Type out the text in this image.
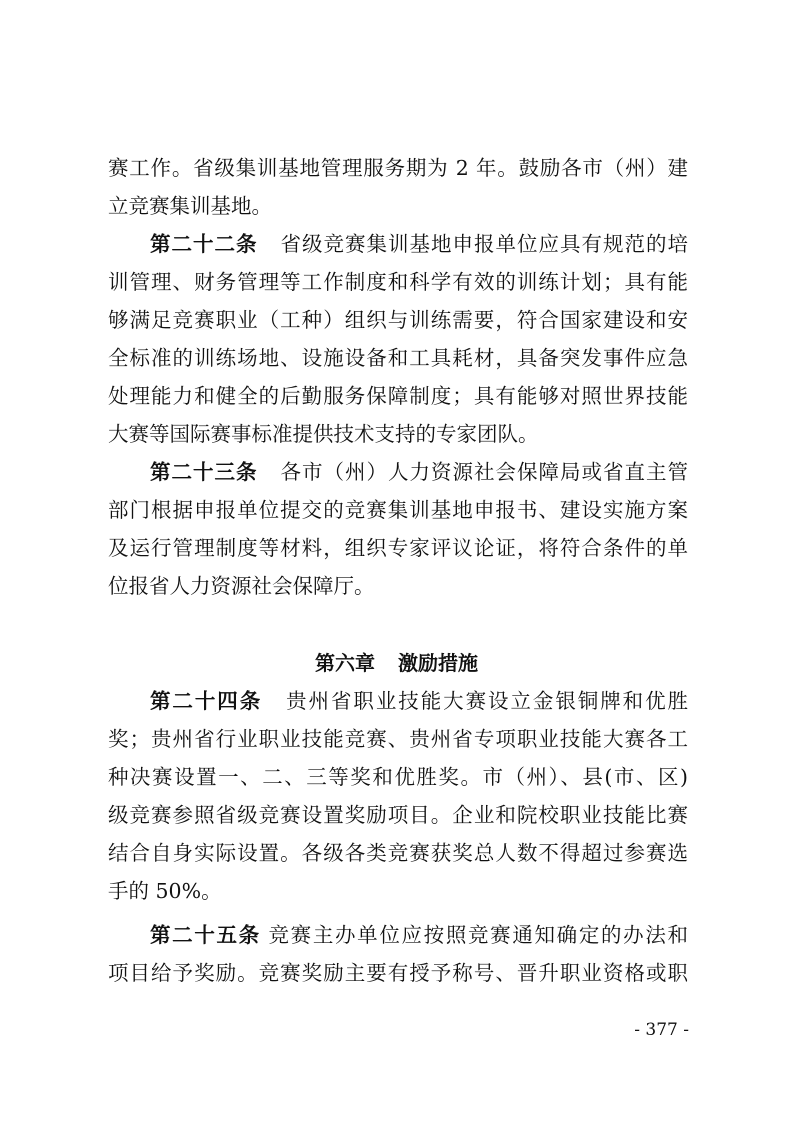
赛工作。省级集训基地管理服务期为 2 年。鼓励各市（州）建
立竞赛集训基地。
第二十二条 省级竞赛集训基地申报单位应具有规范的培
训管理、财务管理等工作制度和科学有效的训练计划；具有能
够满足竞赛职业（工种）组织与训练需要，符合国家建设和安
全标准的训练场地、设施设备和工具耗材，具备突发事件应急
处理能力和健全的后勤服务保障制度；具有能够对照世界技能
大赛等国际赛事标准提供技术支持的专家团队。
第二十三条 各市（州）人力资源社会保障局或省直主管
部门根据申报单位提交的竞赛集训基地申报书、建设实施方案
及运行管理制度等材料，组织专家评议论证，将符合条件的单
位报省人力资源社会保障厅。
第六章 激励措施
第二十四条 贵州省职业技能大赛设立金银铜牌和优胜
奖；贵州省行业职业技能竞赛、贵州省专项职业技能大赛各工
种决赛设置一、二、三等奖和优胜奖。市（州）、县(市、区)
级竞赛参照省级竞赛设置奖励项目。企业和院校职业技能比赛
结合自身实际设置。各级各类竞赛获奖总人数不得超过参赛选
手的 50%。
第二十五条 竞赛主办单位应按照竞赛通知确定的办法和
项目给予奖励。竞赛奖励主要有授予称号、晋升职业资格或职
- 377 -
